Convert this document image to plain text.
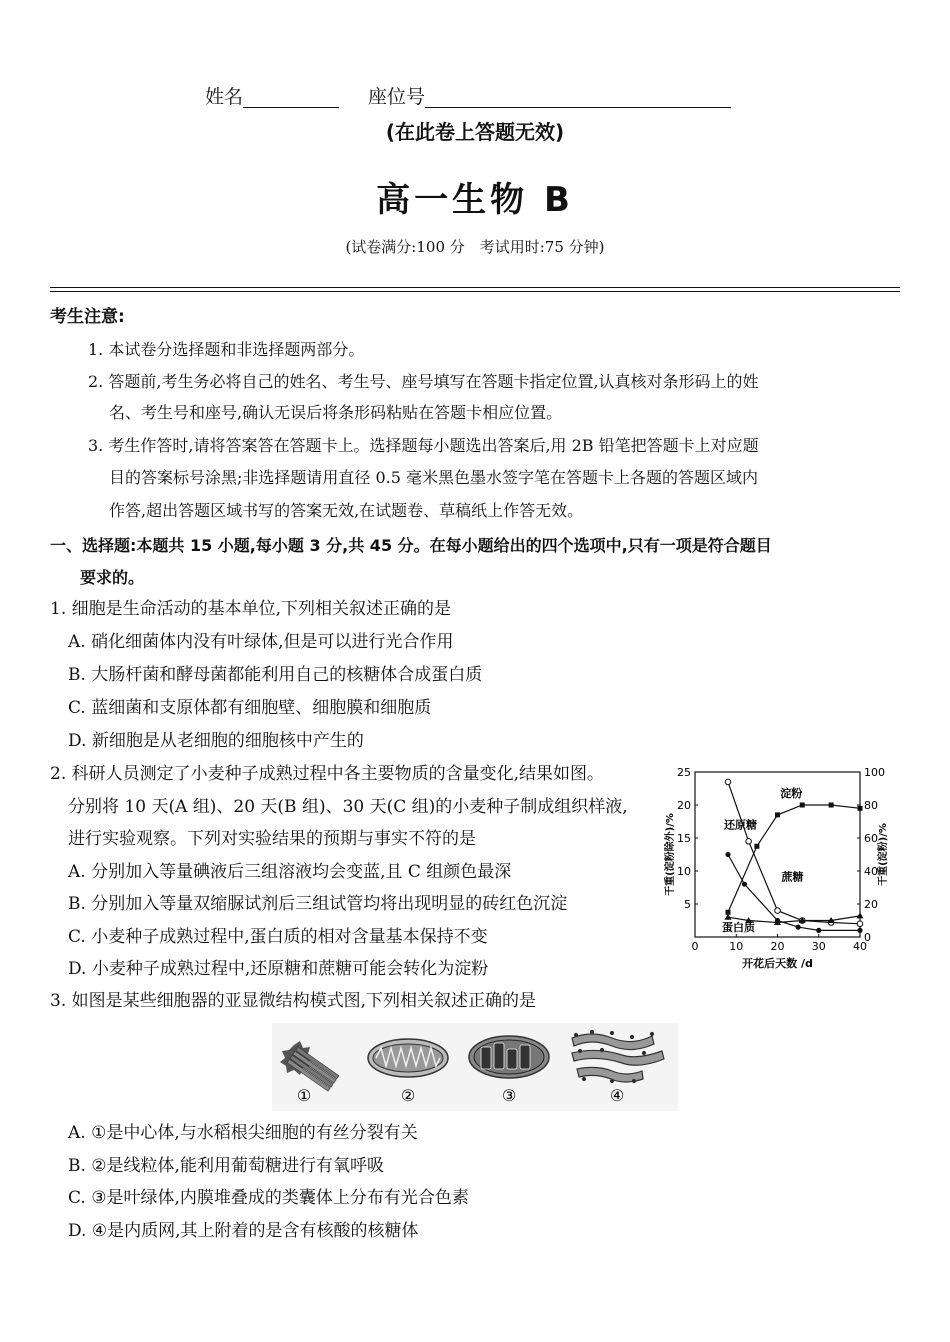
姓名	座位号
(在此卷上答题无效)
高一生物 B
(试卷满分:100 分　考试用时:75 分钟)
考生注意:
1. 本试卷分选择题和非选择题两部分。
2. 答题前,考生务必将自己的姓名、考生号、座号填写在答题卡指定位置,认真核对条形码上的姓
名、考生号和座号,确认无误后将条形码粘贴在答题卡相应位置。
3. 考生作答时,请将答案答在答题卡上。选择题每小题选出答案后,用 2B 铅笔把答题卡上对应题
目的答案标号涂黑;非选择题请用直径 0.5 毫米黑色墨水签字笔在答题卡上各题的答题区域内
作答,超出答题区域书写的答案无效,在试题卷、草稿纸上作答无效。
一、选择题:本题共 15 小题,每小题 3 分,共 45 分。在每小题给出的四个选项中,只有一项是符合题目
要求的。
1. 细胞是生命活动的基本单位,下列相关叙述正确的是
A. 硝化细菌体内没有叶绿体,但是可以进行光合作用
B. 大肠杆菌和酵母菌都能利用自己的核糖体合成蛋白质
C. 蓝细菌和支原体都有细胞壁、细胞膜和细胞质
D. 新细胞是从老细胞的细胞核中产生的
2. 科研人员测定了小麦种子成熟过程中各主要物质的含量变化,结果如图。
分别将 10 天(A 组)、20 天(B 组)、30 天(C 组)的小麦种子制成组织样液,
进行实验观察。下列对实验结果的预期与事实不符的是
A. 分别加入等量碘液后三组溶液均会变蓝,且 C 组颜色最深
B. 分别加入等量双缩脲试剂后三组试管均将出现明显的砖红色沉淀
C. 小麦种子成熟过程中,蛋白质的相对含量基本保持不变
D. 小麦种子成熟过程中,还原糖和蔗糖可能会转化为淀粉
0	10 20 30 40
5
10
15
20
25
0
20
40
60
80
100
开花后天数 /d
干重(淀粉除外)/%	干重(淀粉)/%
淀粉
还原糖
蔗糖
蛋白质
3. 如图是某些细胞器的亚显微结构模式图,下列相关叙述正确的是
①	②	③	④
A. ①是中心体,与水稻根尖细胞的有丝分裂有关
B. ②是线粒体,能利用葡萄糖进行有氧呼吸
C. ③是叶绿体,内膜堆叠成的类囊体上分布有光合色素
D. ④是内质网,其上附着的是含有核酸的核糖体
